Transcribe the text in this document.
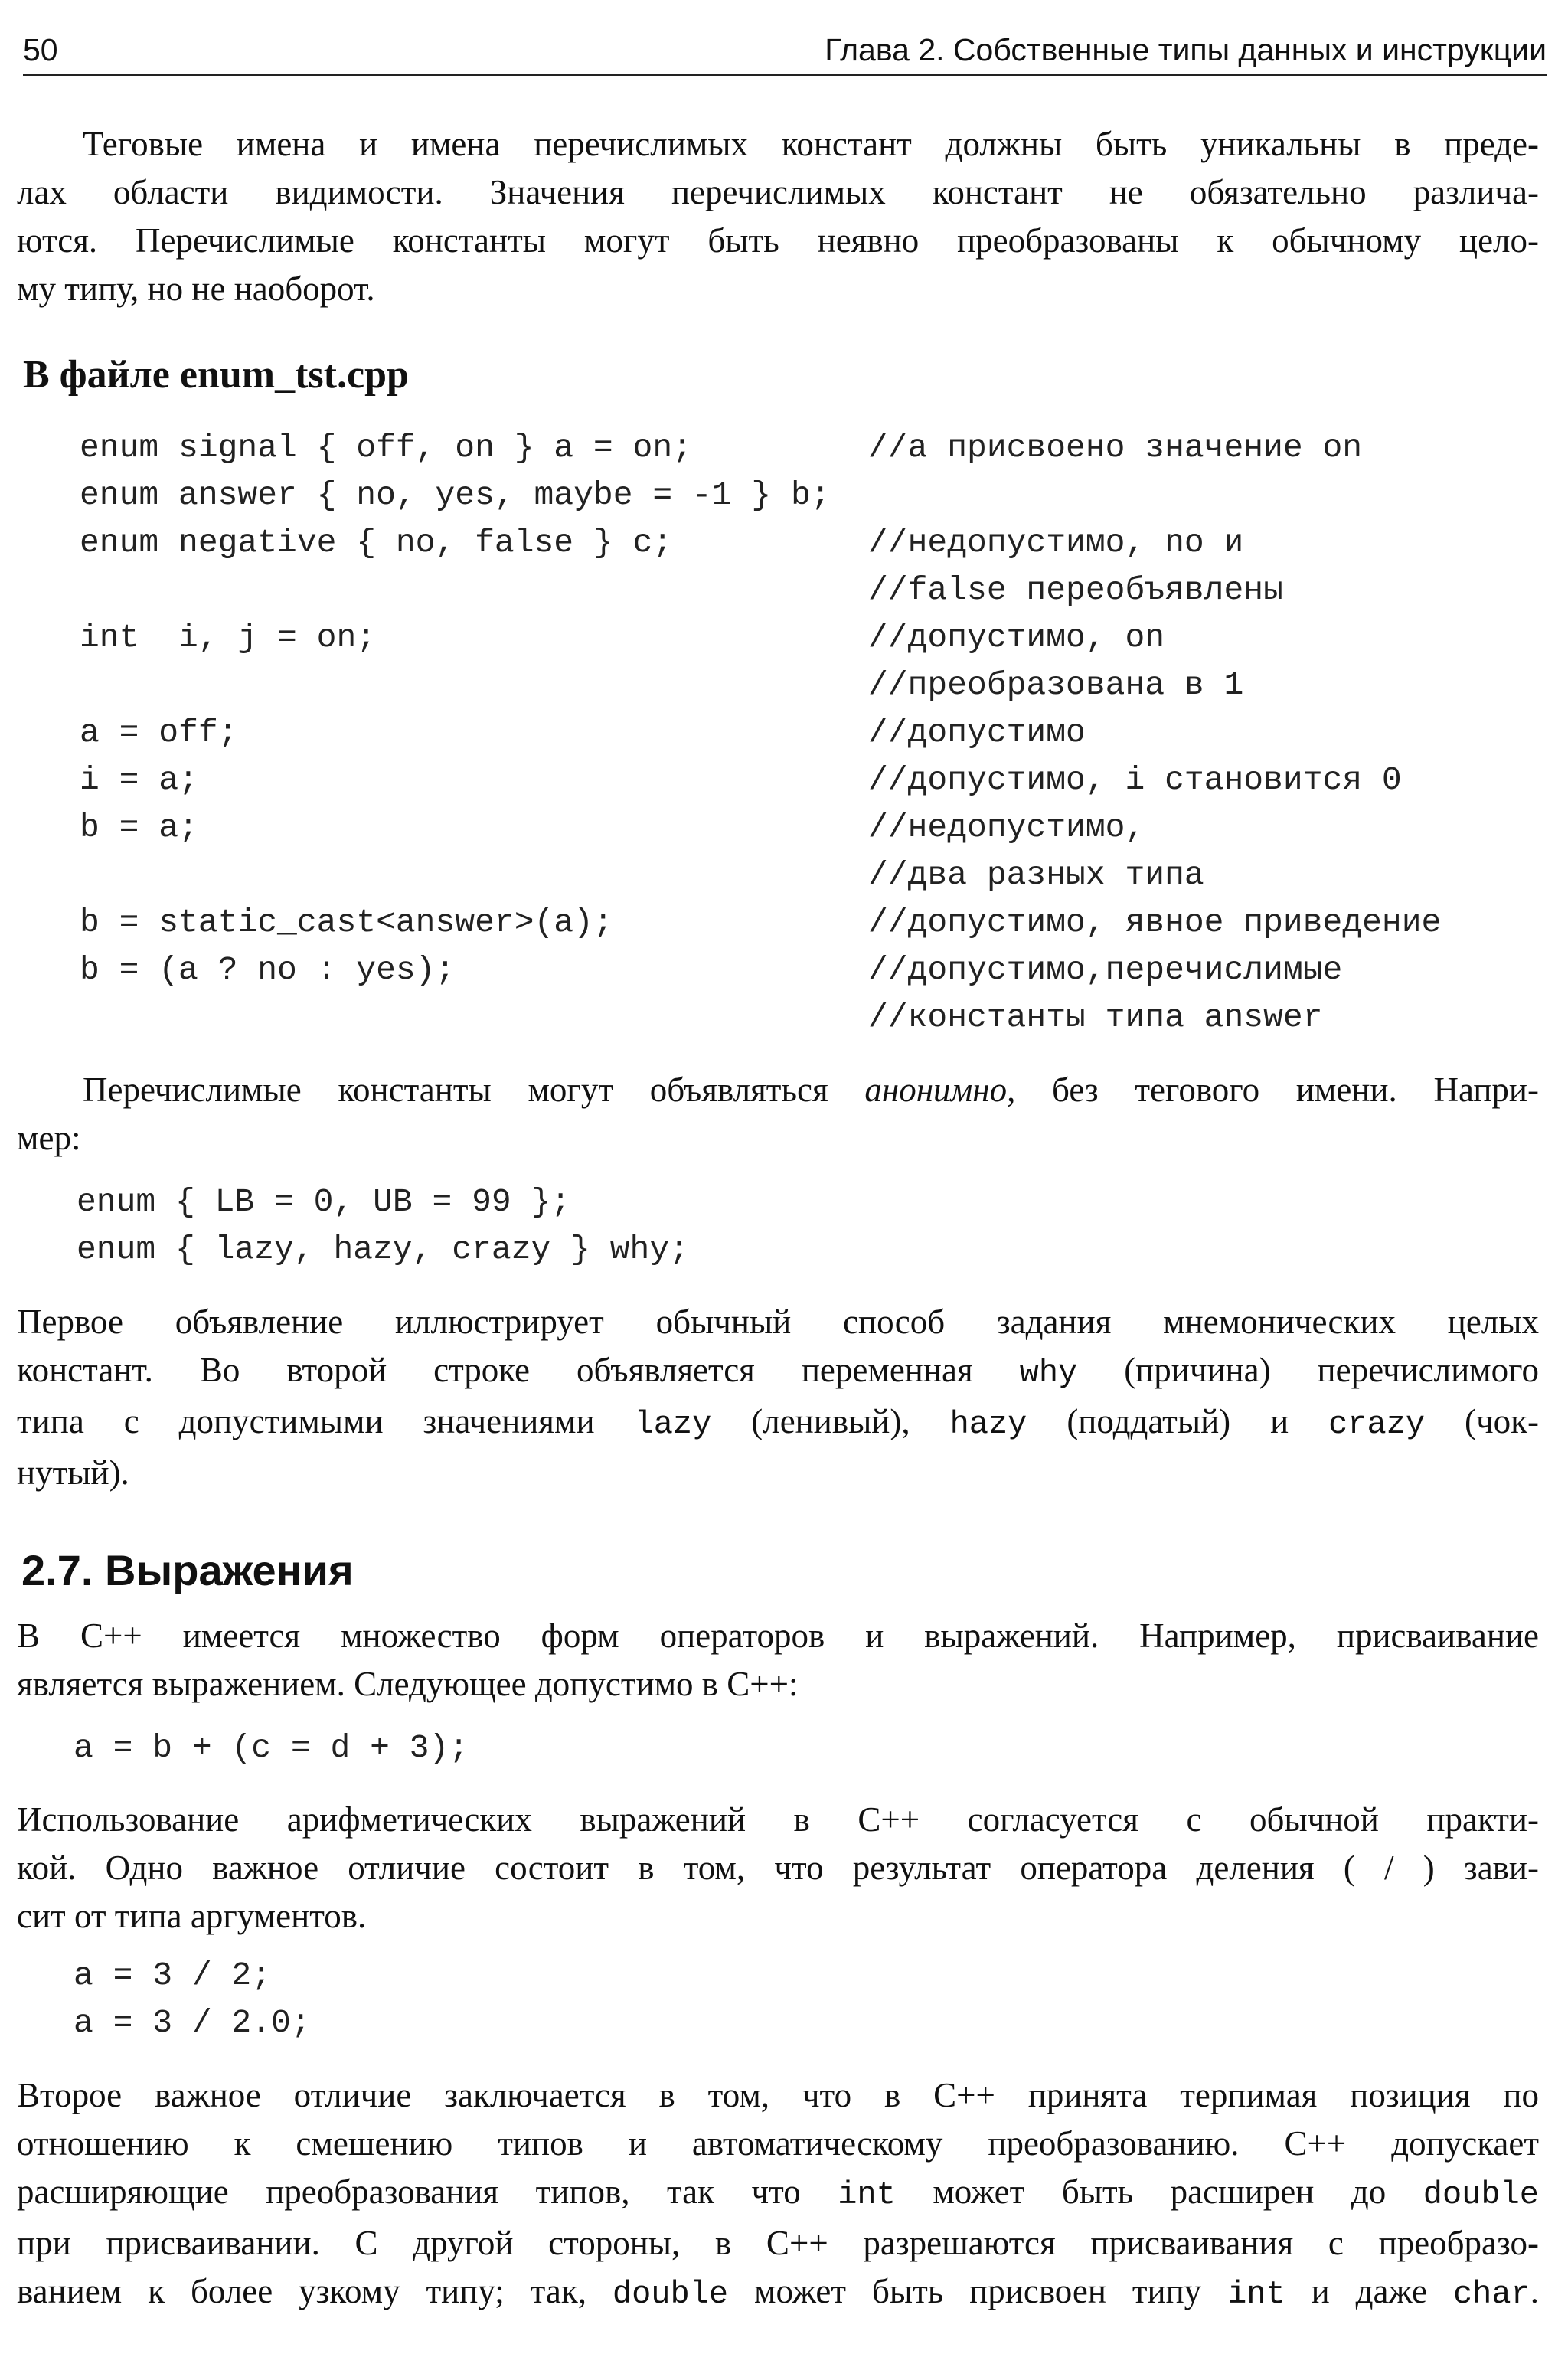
50	Глава 2. Собственные типы данных и инструкции

Теговые имена и имена перечислимых констант должны быть уникальны в преде-
лах области видимости. Значения перечислимых констант не обязательно различа-
ются. Перечислимые константы могут быть неявно преобразованы к обычному цело-
му типу, но не наоборот.

В файле enum_tst.cpp
enum signal { off, on } a = on;	//a присвоено значение on
enum answer { no, yes, maybe = -1 } b;
enum negative { no, false } c;	//недопустимо, no и
//false переобъявлены
int  i, j = on;	//допустимо, on
//преобразована в 1
a = off;	//допустимо
i = a;	//допустимо, i становится 0
b = a;	//недопустимо,
//два разных типа
b = static_cast<answer>(a);	//допустимо, явное приведение
b = (a ? no : yes);	//допустимо,перечислимые
//константы типа answer

Перечислимые константы могут объявляться анонимно, без тегового имени. Напри-
мер:

enum { LB = 0, UB = 99 };

enum { lazy, hazy, crazy } why;

Первое объявление иллюстрирует обычный способ задания мнемонических целых
констант. Во второй строке объявляется переменная why (причина) перечислимого
типа с допустимыми значениями lazy (ленивый), hazy (поддатый) и crazy (чок-
нутый).

2.7. Выражения

В C++ имеется множество форм операторов и выражений. Например, присваивание
является выражением. Следующее допустимо в C++:

a = b + (c = d + 3);

Использование арифметических выражений в C++ согласуется с обычной практи-
кой. Одно важное отличие состоит в том, что результат оператора деления ( / ) зави-
сит от типа аргументов.

a = 3 / 2;

a = 3 / 2.0;

Второе важное отличие заключается в том, что в C++ принята терпимая позиция по
отношению к смешению типов и автоматическому преобразованию. C++ допускает
расширяющие преобразования типов, так что int может быть расширен до double
при присваивании. С другой стороны, в C++ разрешаются присваивания с преобразо-
ванием к более узкому типу; так, double может быть присвоен типу int и даже char.
